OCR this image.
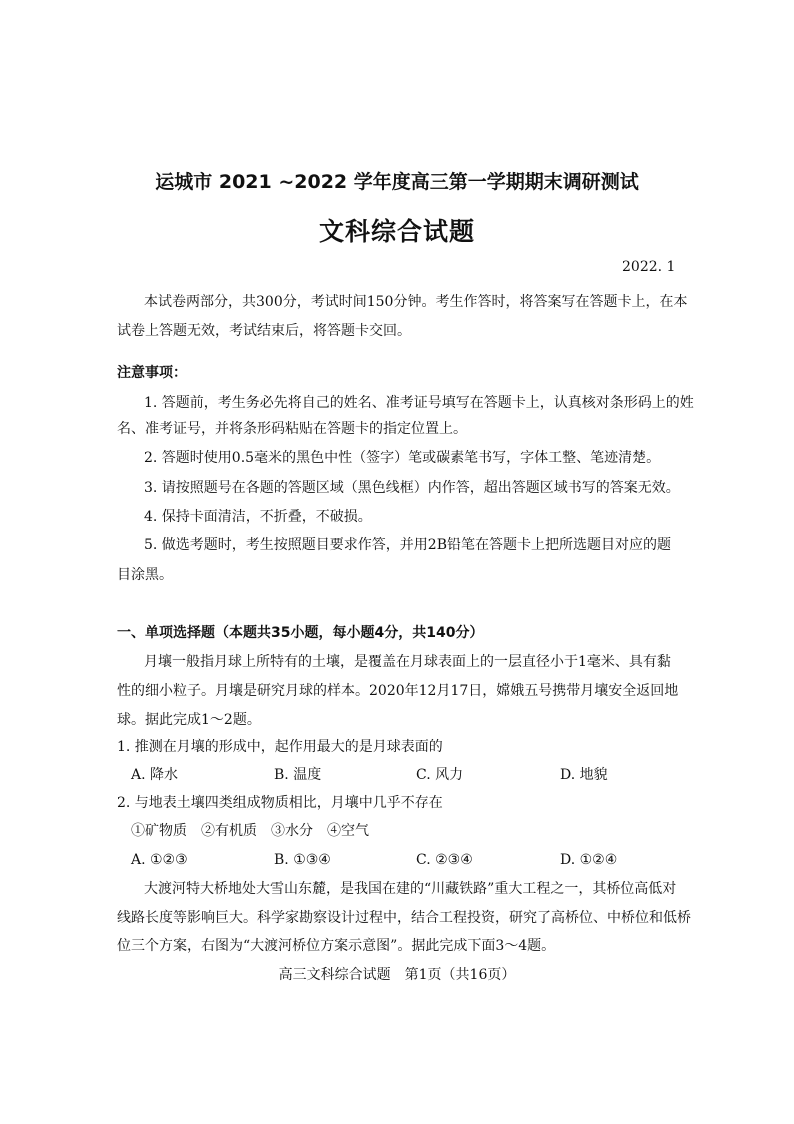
运城市 2021 ~2022 学年度高三第一学期期末调研测试
文科综合试题
2022. 1
本试卷两部分，共300分，考试时间150分钟。考生作答时，将答案写在答题卡上，在本
试卷上答题无效，考试结束后，将答题卡交回。
注意事项：
1. 答题前，考生务必先将自己的姓名、准考证号填写在答题卡上，认真核对条形码上的姓
名、准考证号，并将条形码粘贴在答题卡的指定位置上。
2. 答题时使用0.5毫米的黑色中性（签字）笔或碳素笔书写，字体工整、笔迹清楚。
3. 请按照题号在各题的答题区域（黑色线框）内作答，超出答题区域书写的答案无效。
4. 保持卡面清洁，不折叠，不破损。
5. 做选考题时，考生按照题目要求作答，并用2B铅笔在答题卡上把所选题目对应的题
目涂黑。
一、单项选择题（本题共35小题，每小题4分，共140分）
月壤一般指月球上所特有的土壤，是覆盖在月球表面上的一层直径小于1毫米、具有黏
性的细小粒子。月壤是研究月球的样本。2020年12月17日，嫦娥五号携带月壤安全返回地
球。据此完成1～2题。
1. 推测在月壤的形成中，起作用最大的是月球表面的
A. 降水	B. 温度	C. 风力	D. 地貌
2. 与地表土壤四类组成物质相比，月壤中几乎不存在
①矿物质　②有机质　③水分　④空气
A. ①②③	B. ①③④	C. ②③④	D. ①②④
大渡河特大桥地处大雪山东麓，是我国在建的“川藏铁路”重大工程之一，其桥位高低对
线路长度等影响巨大。科学家勘察设计过程中，结合工程投资，研究了高桥位、中桥位和低桥
位三个方案，右图为“大渡河桥位方案示意图”。据此完成下面3～4题。
高三文科综合试题　第1页（共16页）
